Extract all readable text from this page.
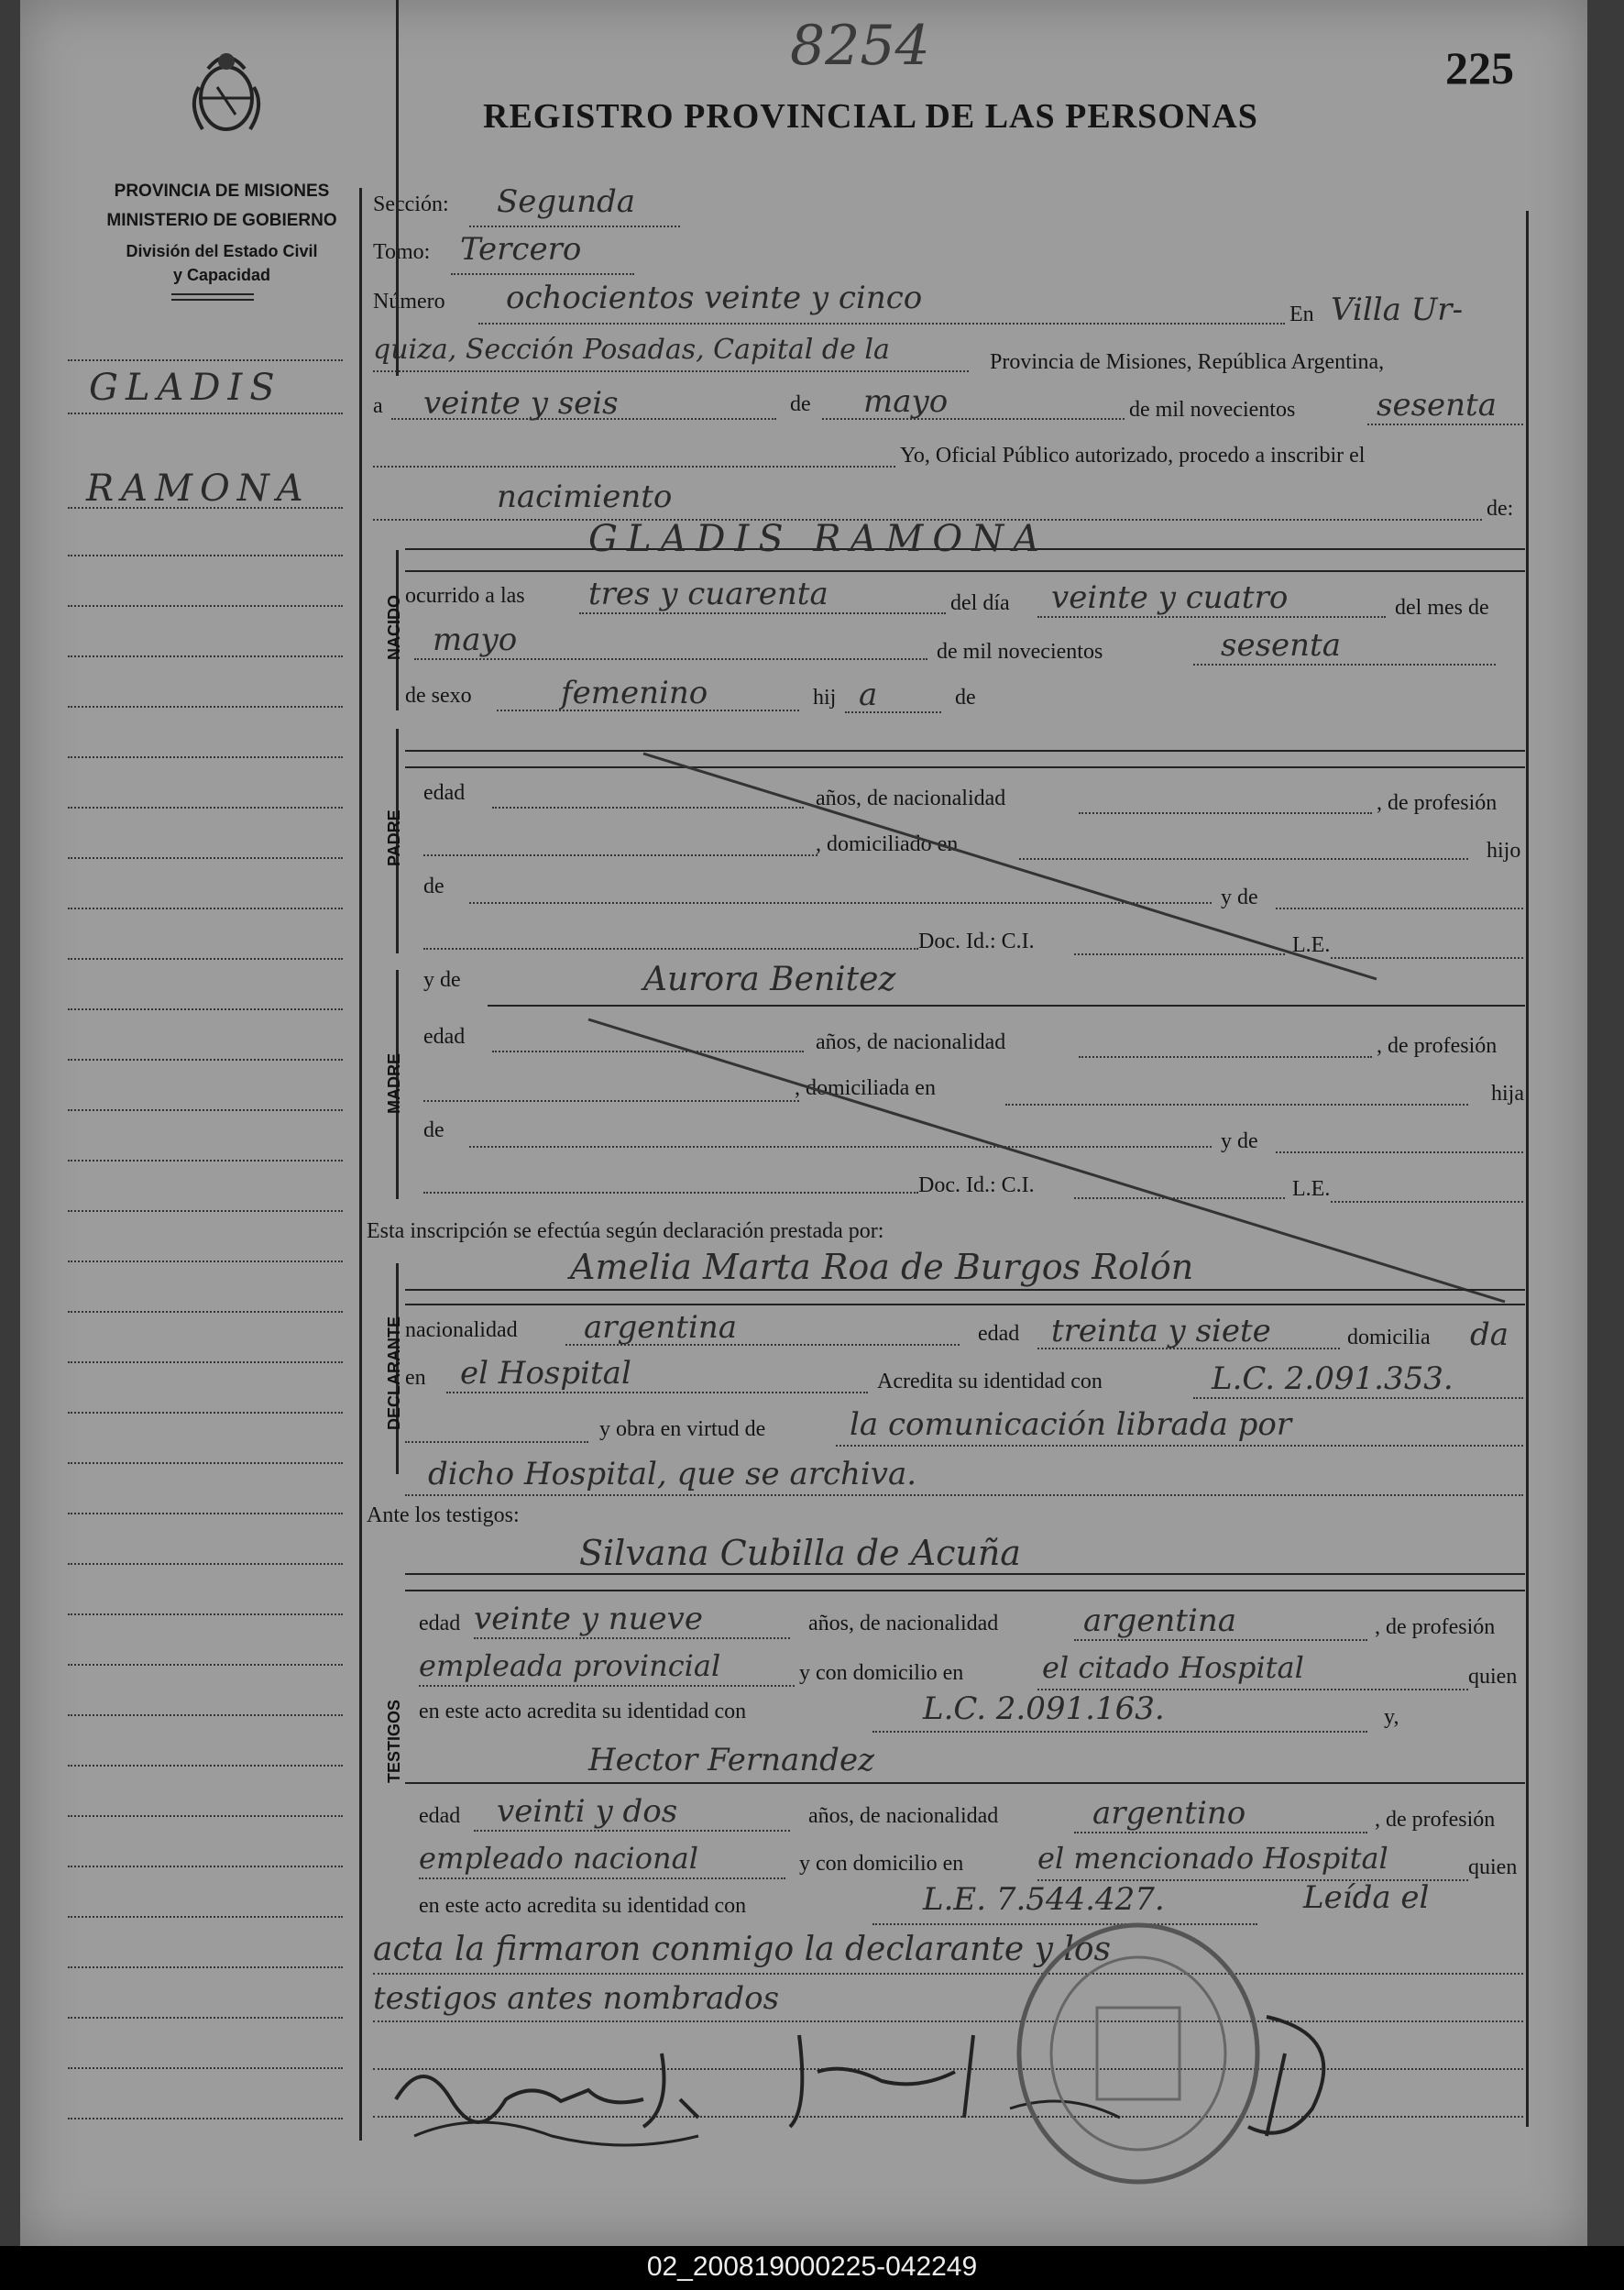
8254	225
REGISTRO PROVINCIAL DE LAS PERSONAS
PROVINCIA DE MISIONES
MINISTERIO DE GOBIERNO
División del Estado Civil
y Capacidad
GLADIS
RAMONA
Sección: Segunda
Tomo: Tercero
Número ochocientos veinte y cinco	En Villa Ur-
quiza, Sección Posadas, Capital de la	Provincia de Misiones, República Argentina,
a veinte y seis	de mayo	de mil novecientos	sesenta
Yo, Oficial Público autorizado, procedo a inscribir el
nacimiento	de:
NACIDO
GLADIS RAMONA
ocurrido a las tres y cuarenta	del día veinte y cuatro	del mes de
mayo	de mil novecientos	sesenta
de sexo	femenino	hij a	de
PADRE
edad	años, de nacionalidad	, de profesión
, domiciliado en	hijo
de	y de
Doc. Id.: C.I.	L.E.
MADRE
y de	Aurora Benitez
edad	años, de nacionalidad	, de profesión
, domiciliada en	hija
de	y de
Doc. Id.: C.I.	L.E.
Esta inscripción se efectúa según declaración prestada por:
DECLARANTE
Amelia Marta Roa de Burgos Rolón
nacionalidad argentina	edad treinta y siete	domicilia da
en el Hospital	Acredita su identidad con	L.C. 2.091.353.
y obra en virtud de	la comunicación librada por
dicho Hospital, que se archiva.
Ante los testigos:
TESTIGOS
Silvana Cubilla de Acuña
edad veinte y nueve	años, de nacionalidad	argentina	, de profesión
empleada provincial	y con domicilio en	el citado Hospital	quien
en este acto acredita su identidad con	L.C. 2.091.163.	y,
Hector Fernandez
edad veinti y dos	años, de nacionalidad	argentino	, de profesión
empleado nacional	y con domicilio en	el mencionado Hospital	quien
en este acto acredita su identidad con	L.E. 7.544.427.	Leída el
acta la firmaron conmigo la declarante y los
testigos antes nombrados
02_200819000225-042249
